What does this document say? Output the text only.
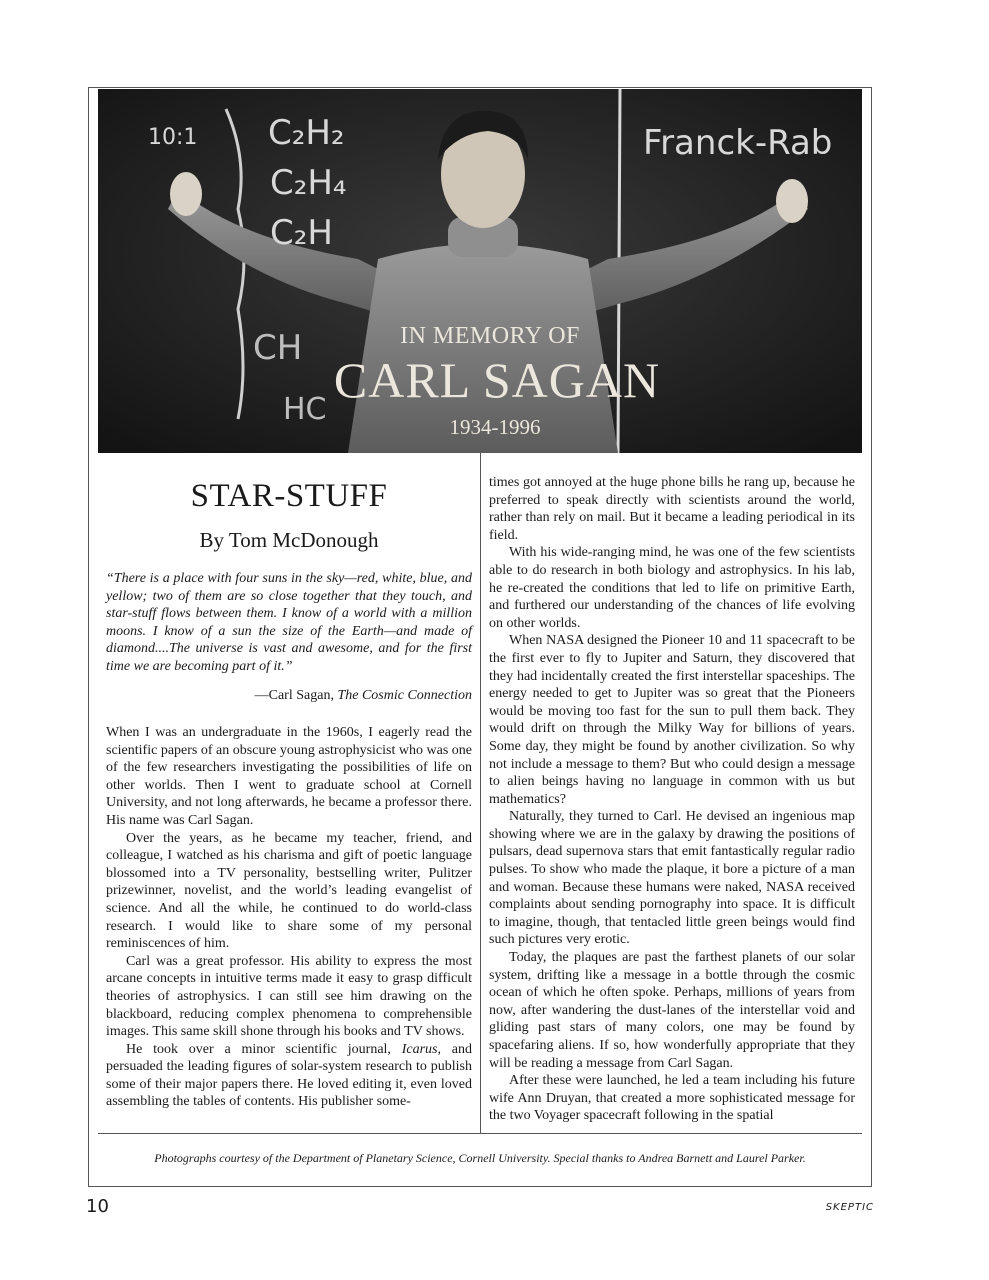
10:1 C₂H₂
C₂H₄
C₂H
CH
HC
Franck-Rab
IN MEMORY OF
CARL SAGAN
1934-1996
STAR-STUFF
By Tom McDonough
“There is a place with four suns in the sky—red, white, blue, and yellow; two of them are so close together that they touch, and star-stuff flows between them. I know of a world with a million moons. I know of a sun the size of the Earth—and made of diamond....The universe is vast and awesome, and for the first time we are becoming part of it.”
—Carl Sagan, The Cosmic Connection

When I was an undergraduate in the 1960s, I eagerly read the scientific papers of an obscure young astrophysicist who was one of the few researchers investigating the possibilities of life on other worlds. Then I went to graduate school at Cornell University, and not long afterwards, he became a professor there. His name was Carl Sagan.

Over the years, as he became my teacher, friend, and colleague, I watched as his charisma and gift of poetic language blossomed into a TV personality, bestselling writer, Pulitzer prizewinner, novelist, and the world’s leading evangelist of science. And all the while, he continued to do world-class research. I would like to share some of my personal reminiscences of him.

Carl was a great professor. His ability to express the most arcane concepts in intuitive terms made it easy to grasp difficult theories of astrophysics. I can still see him drawing on the blackboard, reducing complex phenomena to comprehensible images. This same skill shone through his books and TV shows.

He took over a minor scientific journal, Icarus, and persuaded the leading figures of solar-system research to publish some of their major papers there. He loved editing it, even loved assembling the tables of contents. His publisher some-

times got annoyed at the huge phone bills he rang up, because he preferred to speak directly with scientists around the world, rather than rely on mail. But it became a leading periodical in its field.

With his wide-ranging mind, he was one of the few scientists able to do research in both biology and astrophysics. In his lab, he re-created the conditions that led to life on primitive Earth, and furthered our understanding of the chances of life evolving on other worlds.

When NASA designed the Pioneer 10 and 11 spacecraft to be the first ever to fly to Jupiter and Saturn, they discovered that they had incidentally created the first interstellar spaceships. The energy needed to get to Jupiter was so great that the Pioneers would be moving too fast for the sun to pull them back. They would drift on through the Milky Way for billions of years. Some day, they might be found by another civilization. So why not include a message to them? But who could design a message to alien beings having no language in common with us but mathematics?

Naturally, they turned to Carl. He devised an ingenious map showing where we are in the galaxy by drawing the positions of pulsars, dead supernova stars that emit fantastically regular radio pulses. To show who made the plaque, it bore a picture of a man and woman. Because these humans were naked, NASA received complaints about sending pornography into space. It is difficult to imagine, though, that tentacled little green beings would find such pictures very erotic.

Today, the plaques are past the farthest planets of our solar system, drifting like a message in a bottle through the cosmic ocean of which he often spoke. Perhaps, millions of years from now, after wandering the dust-lanes of the interstellar void and gliding past stars of many colors, one may be found by spacefaring aliens. If so, how wonderfully appropriate that they will be reading a message from Carl Sagan.

After these were launched, he led a team including his future wife Ann Druyan, that created a more sophisticated message for the two Voyager spacecraft following in the spatial

Photographs courtesy of the Department of Planetary Science, Cornell University. Special thanks to Andrea Barnett and Laurel Parker.
10	SKEPTIC
